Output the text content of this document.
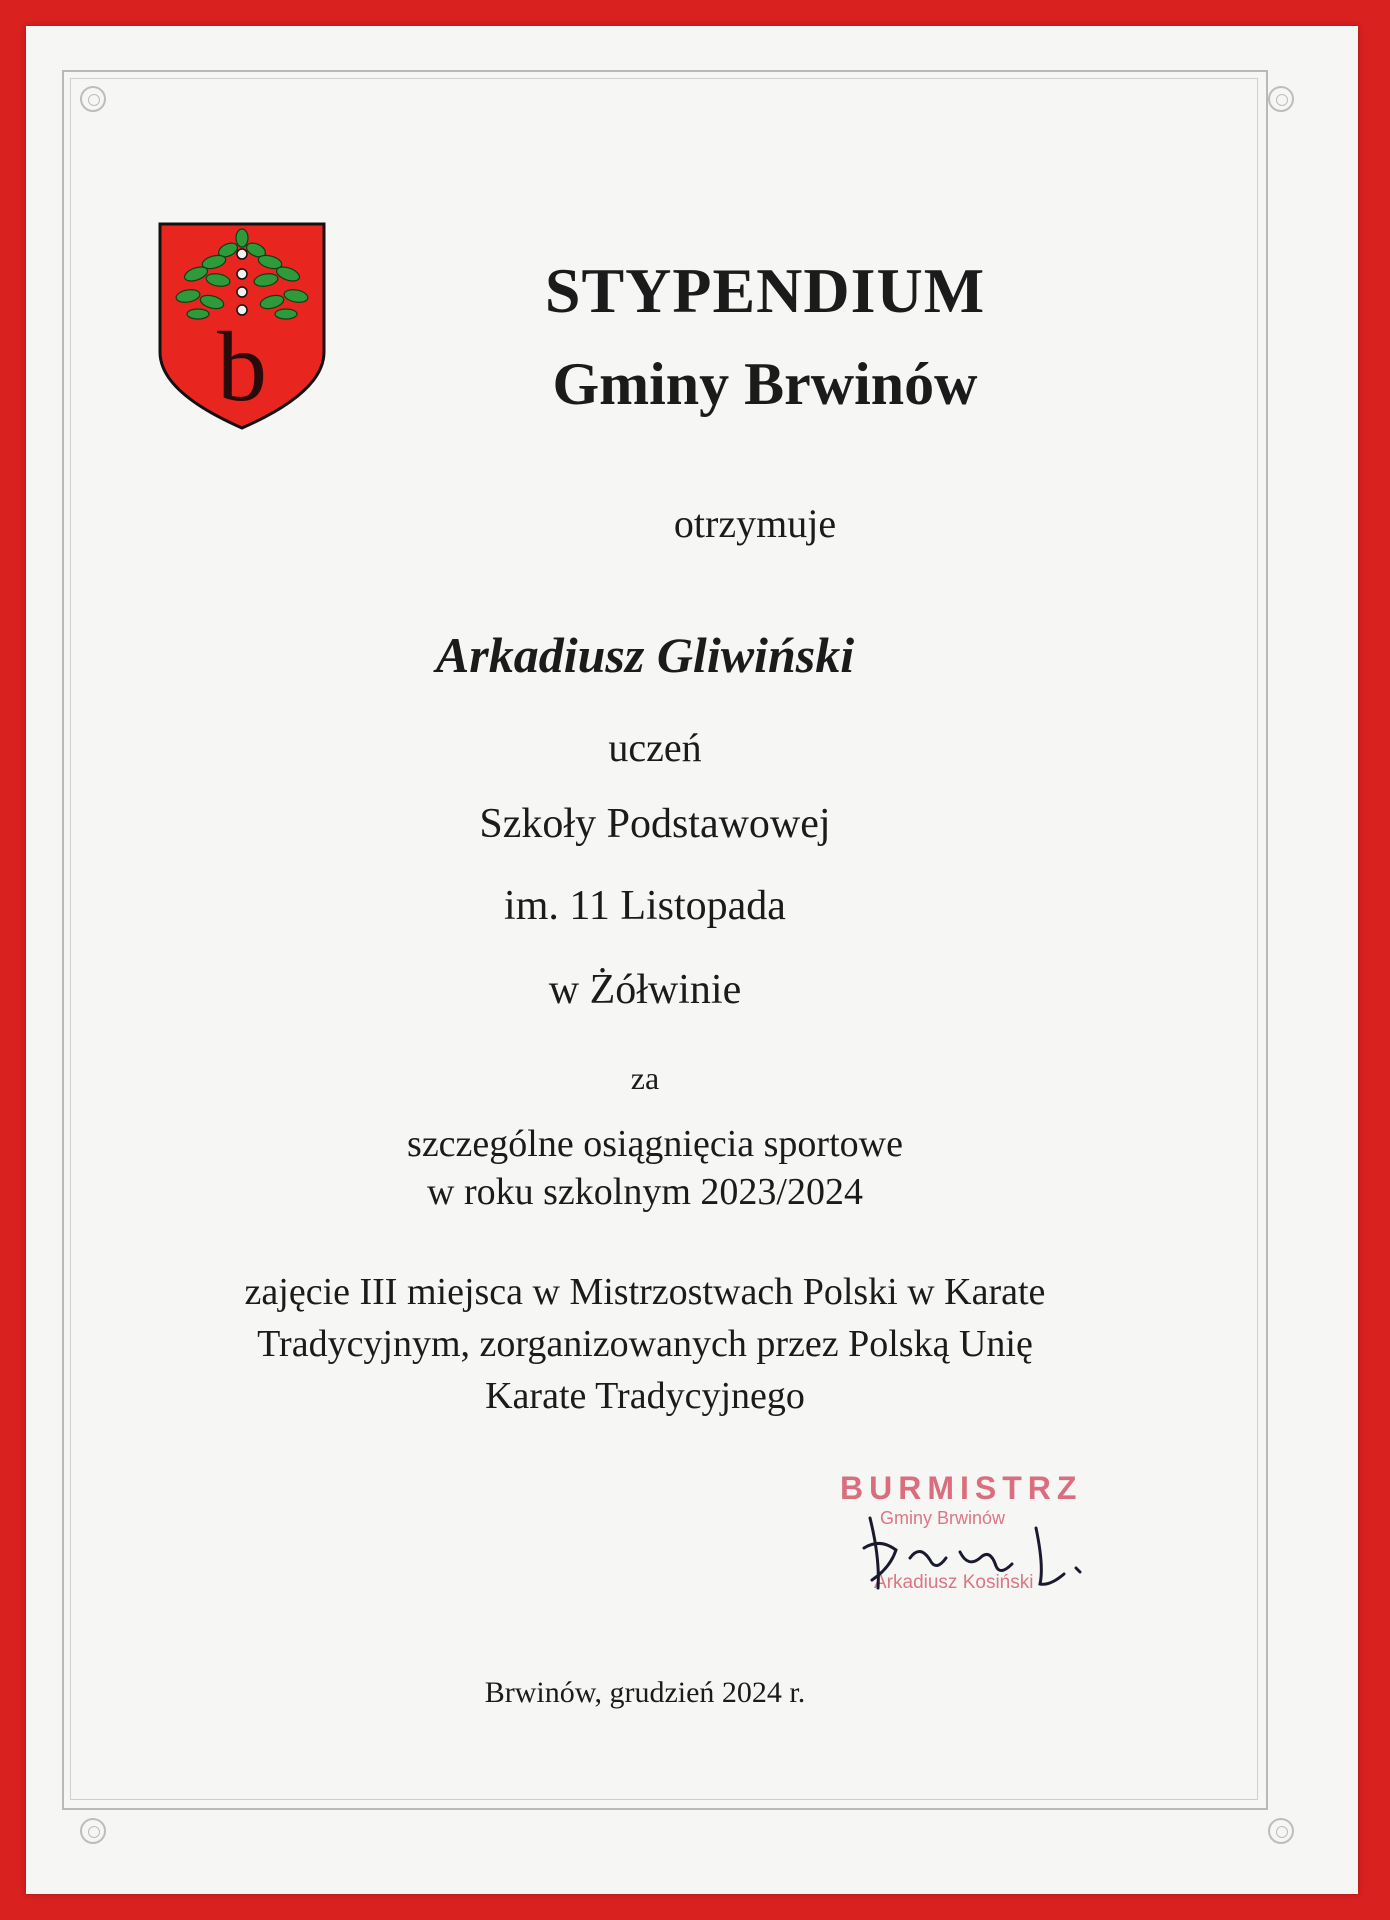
b
STYPENDIUM
Gminy Brwinów
otrzymuje
Arkadiusz Gliwiński
uczeń
Szkoły Podstawowej
im. 11 Listopada
w Żółwinie
za
szczególne osiągnięcia sportowe
w roku szkolnym 2023/2024
zajęcie III miejsca w Mistrzostwach Polski w Karate
Tradycyjnym, zorganizowanych przez Polską Unię
Karate Tradycyjnego
BURMISTRZ
Gminy Brwinów
Arkadiusz Kosiński
Brwinów, grudzień 2024 r.
